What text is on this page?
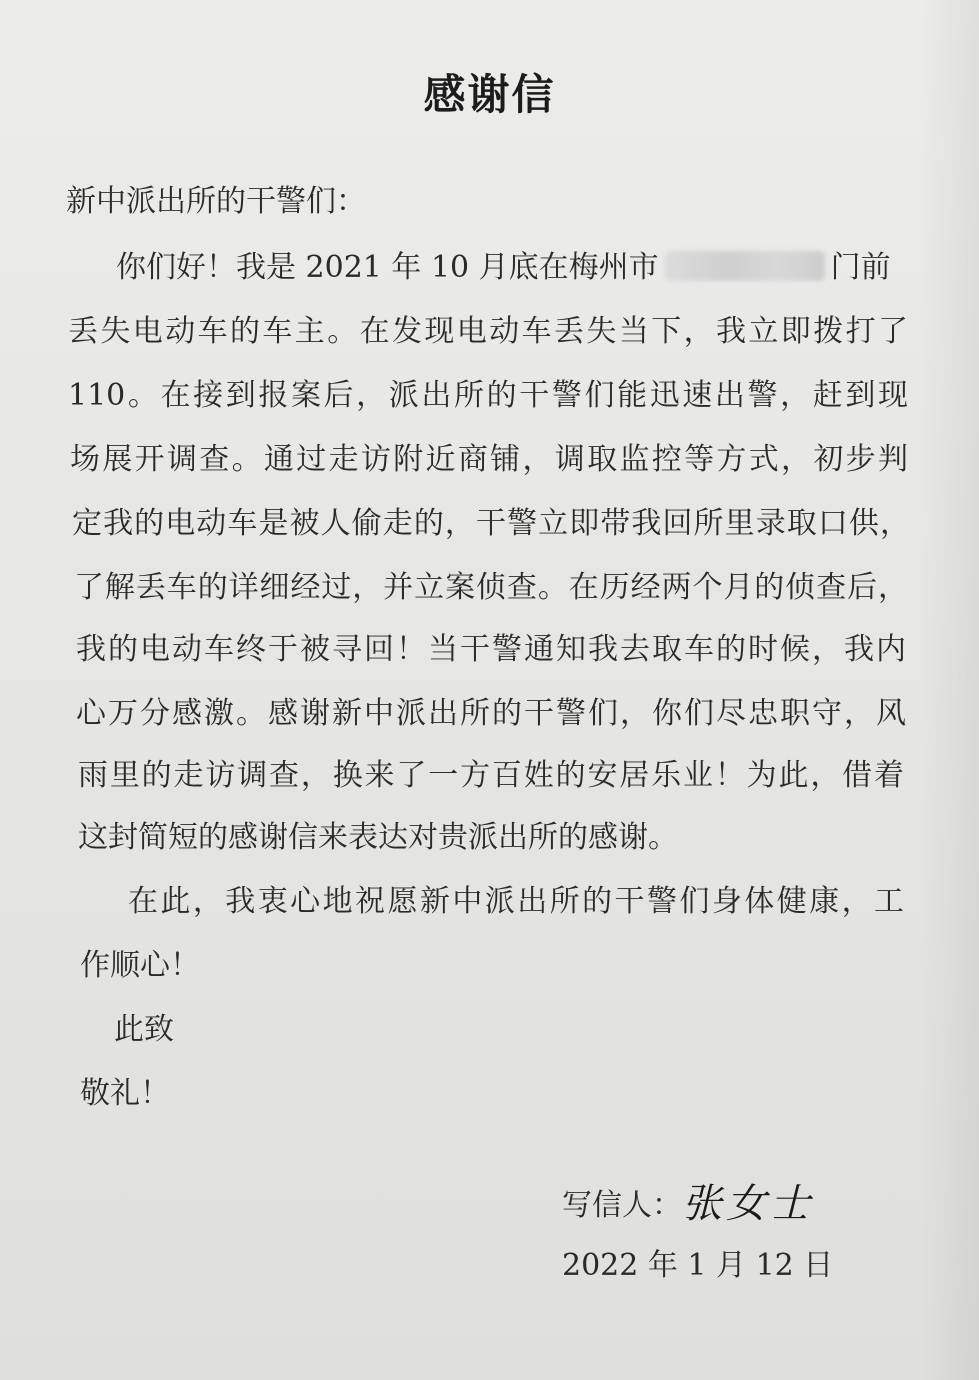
感谢信
新中派出所的干警们：
你们好！我是 2021 年 10 月底在梅州市	门前
丢失电动车的车主。在发现电动车丢失当下，我立即拨打了
110。在接到报案后，派出所的干警们能迅速出警，赶到现
场展开调查。通过走访附近商铺，调取监控等方式，初步判
定我的电动车是被人偷走的，干警立即带我回所里录取口供，
了解丢车的详细经过，并立案侦查。在历经两个月的侦查后，
我的电动车终于被寻回！当干警通知我去取车的时候，我内
心万分感激。感谢新中派出所的干警们，你们尽忠职守，风
雨里的走访调查，换来了一方百姓的安居乐业！为此，借着
这封简短的感谢信来表达对贵派出所的感谢。
在此，我衷心地祝愿新中派出所的干警们身体健康，工
作顺心！
此致
敬礼！
写信人：张女士
2022 年 1 月 12 日
